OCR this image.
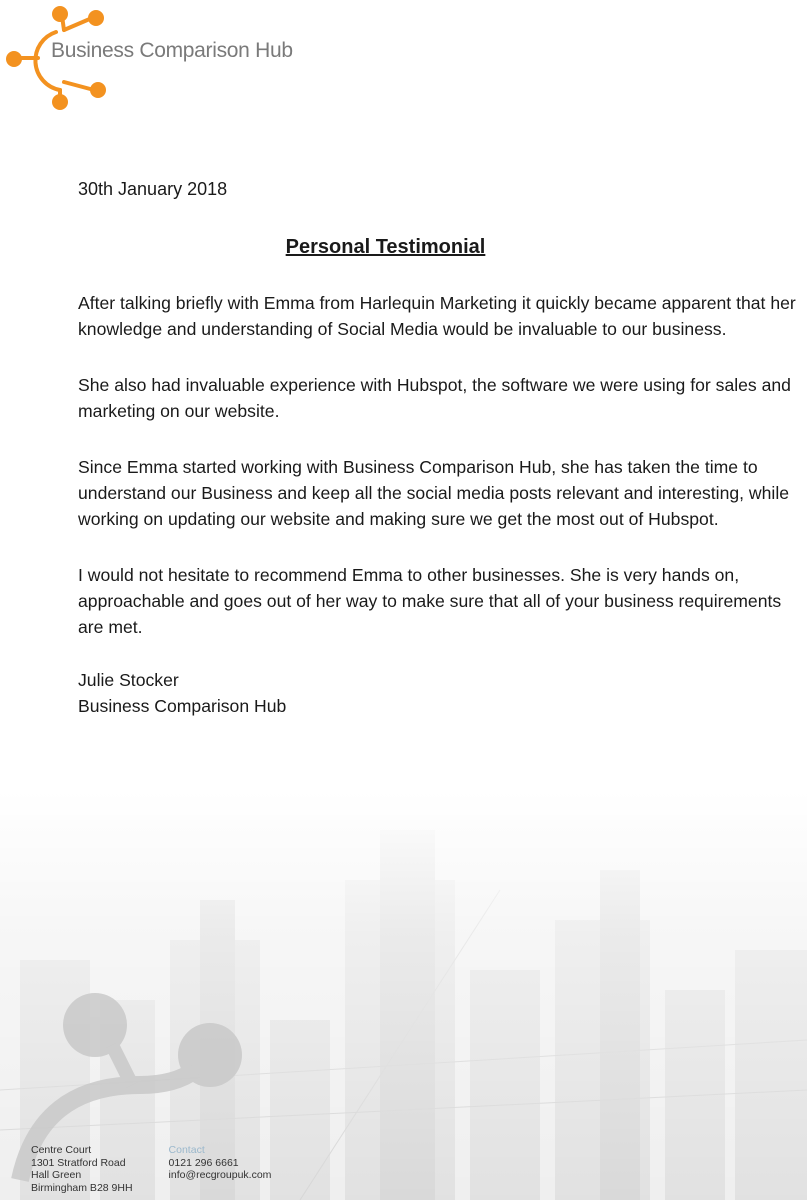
Business Comparison Hub

30th January 2018

Personal Testimonial

After talking briefly with Emma from Harlequin Marketing it quickly became apparent that her knowledge and understanding of Social Media would be invaluable to our business.

She also had invaluable experience with Hubspot, the software we were using for sales and marketing on our website.

Since Emma started working with Business Comparison Hub, she has taken the time to understand our Business and keep all the social media posts relevant and interesting, while working on updating our website and making sure we get the most out of Hubspot.

I would not hesitate to recommend Emma to other businesses. She is very hands on, approachable and goes out of her way to make sure that all of your business requirements are met.

Julie Stocker
Business Comparison Hub
Centre Court
1301 Stratford Road
Hall Green
Birmingham B28 9HH
Contact
0121 296 6661
info@recgroupuk.com
